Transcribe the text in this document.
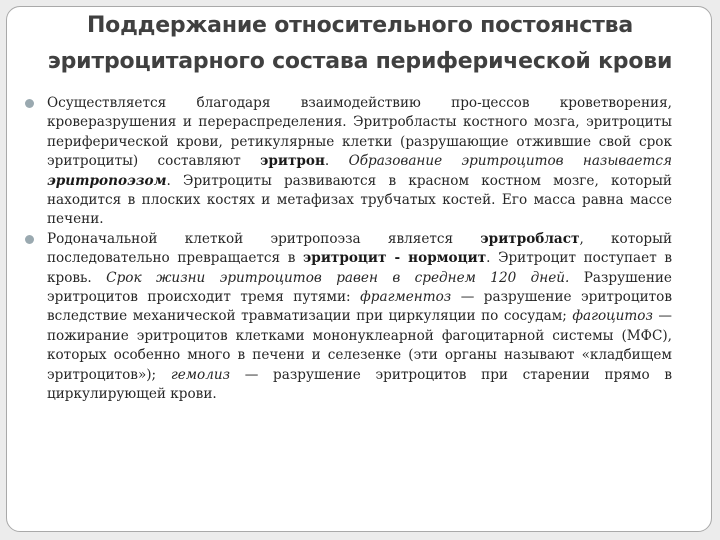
Поддержание относительного постоянства
эритроцитарного состава периферической крови

Осуществляется благодаря взаимодействию про-цессов кроветворения, кроверазрушения и перераспределения. Эритробласты костного мозга, эритроциты периферической крови, ретикулярные клетки (разрушающие отжившие свой срок эритроциты) составляют эритрон. Образование эритроцитов называется эритропоэзом. Эритроциты развиваются в красном костном мозге, который находится в плоских костях и метафизах трубчатых костей. Его масса равна массе печени.

Родоначальной клеткой эритропоэза является эритробласт, который последовательно превращается в эритроцит - нормоцит. Эритроцит поступает в кровь. Срок жизни эритроцитов равен в среднем 120 дней. Разрушение эритроцитов происходит тремя путями: фрагментоз — разрушение эритроцитов вследствие механической травматизации при циркуляции по сосудам; фагоцитоз — пожирание эритроцитов клетками мононуклеарной фагоцитарной системы (МФС), которых особенно много в печени и селезенке (эти органы называют «кладбищем эритроцитов»); гемолиз — разрушение эритроцитов при старении прямо в циркулирующей крови.
